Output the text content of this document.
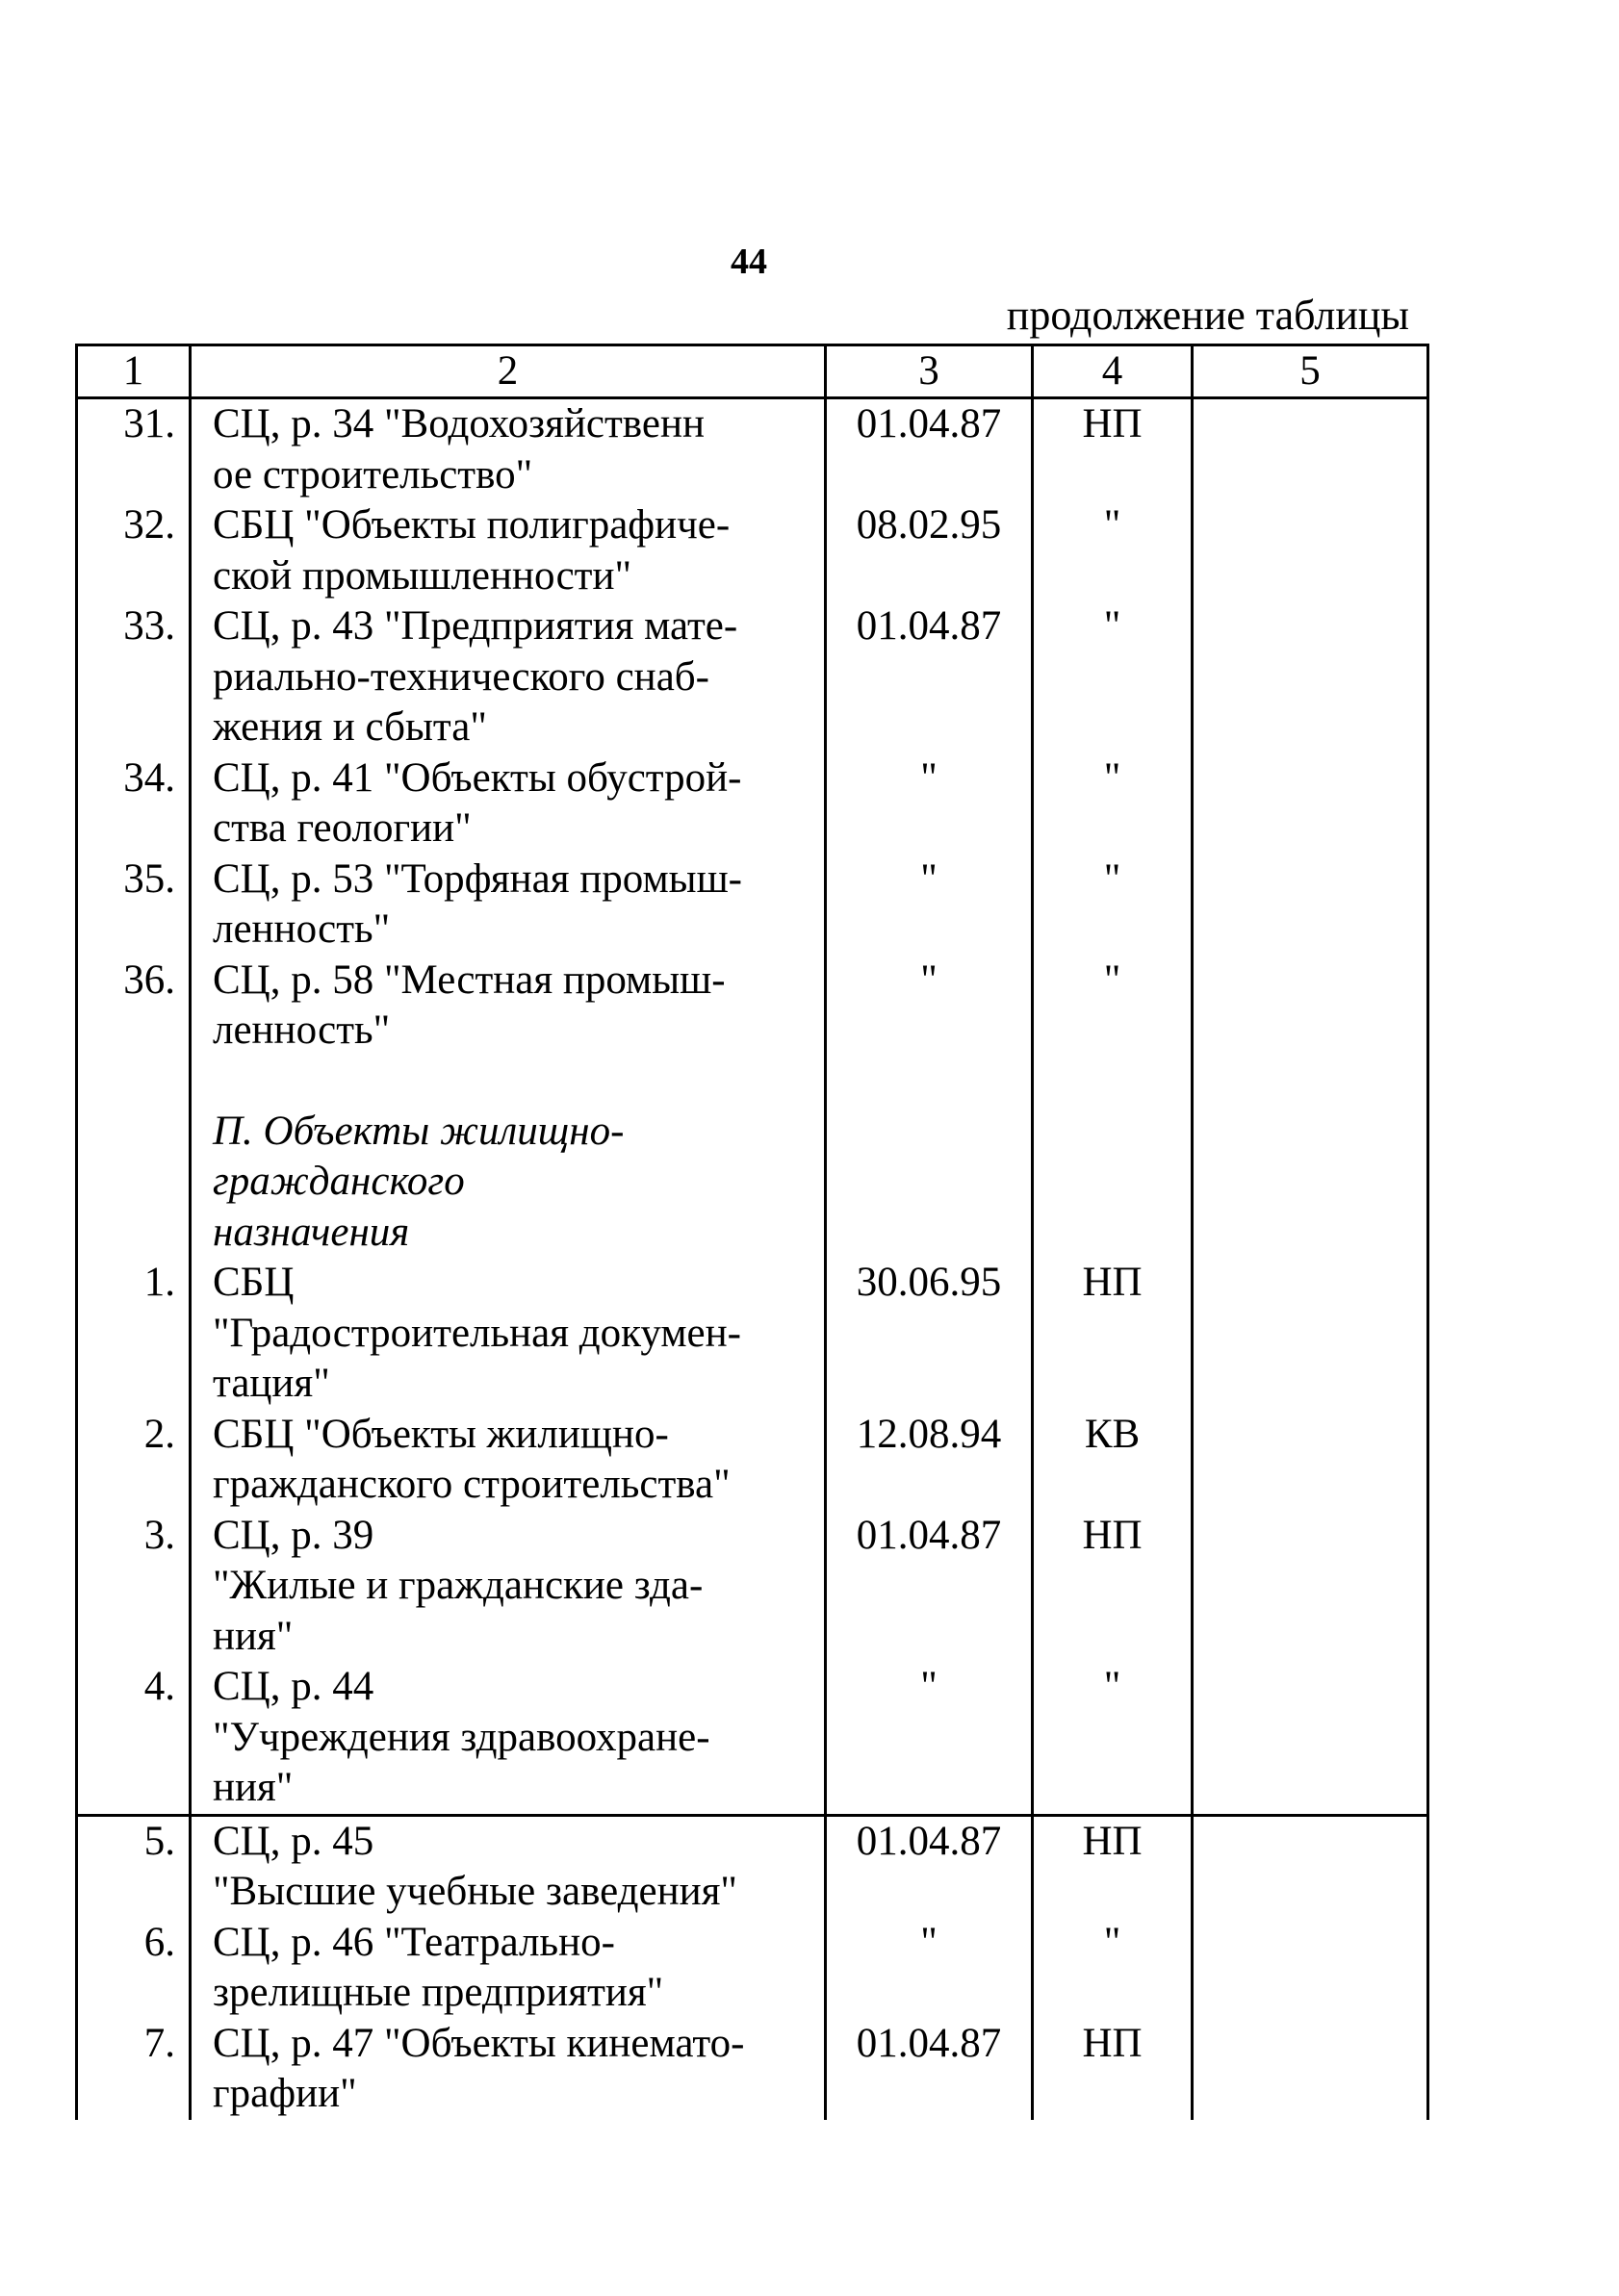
44
продолжение таблицы
1	2	3	4	5
31.	СЦ, р. 34 "Водохозяйственн
ое строительство"	01.04.87	НП	
32.	СБЦ "Объекты полиграфиче-
ской промышленности"	08.02.95	"	
33.	СЦ, р. 43 "Предприятия мате-
риально-технического снаб-
жения и сбыта"	01.04.87	"	
34.	СЦ, р. 41 "Объекты обустрой-
ства геологии"	"	"	
35.	СЦ, р. 53 "Торфяная промыш-
ленность"	"	"	
36.	СЦ, р. 58 "Местная промыш-
ленность"	"	"	

	П. Объекты жилищно-
гражданского
назначения			
1.	СБЦ
"Градостроительная докумен-
тация"	30.06.95	НП	
2.	СБЦ "Объекты жилищно-
гражданского строительства"	12.08.94	КВ	
3.	СЦ, р. 39
"Жилые и гражданские зда-
ния"	01.04.87	НП	
4.	СЦ, р. 44
"Учреждения здравоохране-
ния"	"	"	
5.	СЦ, р. 45
"Высшие учебные заведения"	01.04.87	НП	
6.	СЦ, р. 46 "Театрально-
зрелищные предприятия"	"	"	
7.	СЦ, р. 47 "Объекты кинемато-
графии"	01.04.87	НП	
